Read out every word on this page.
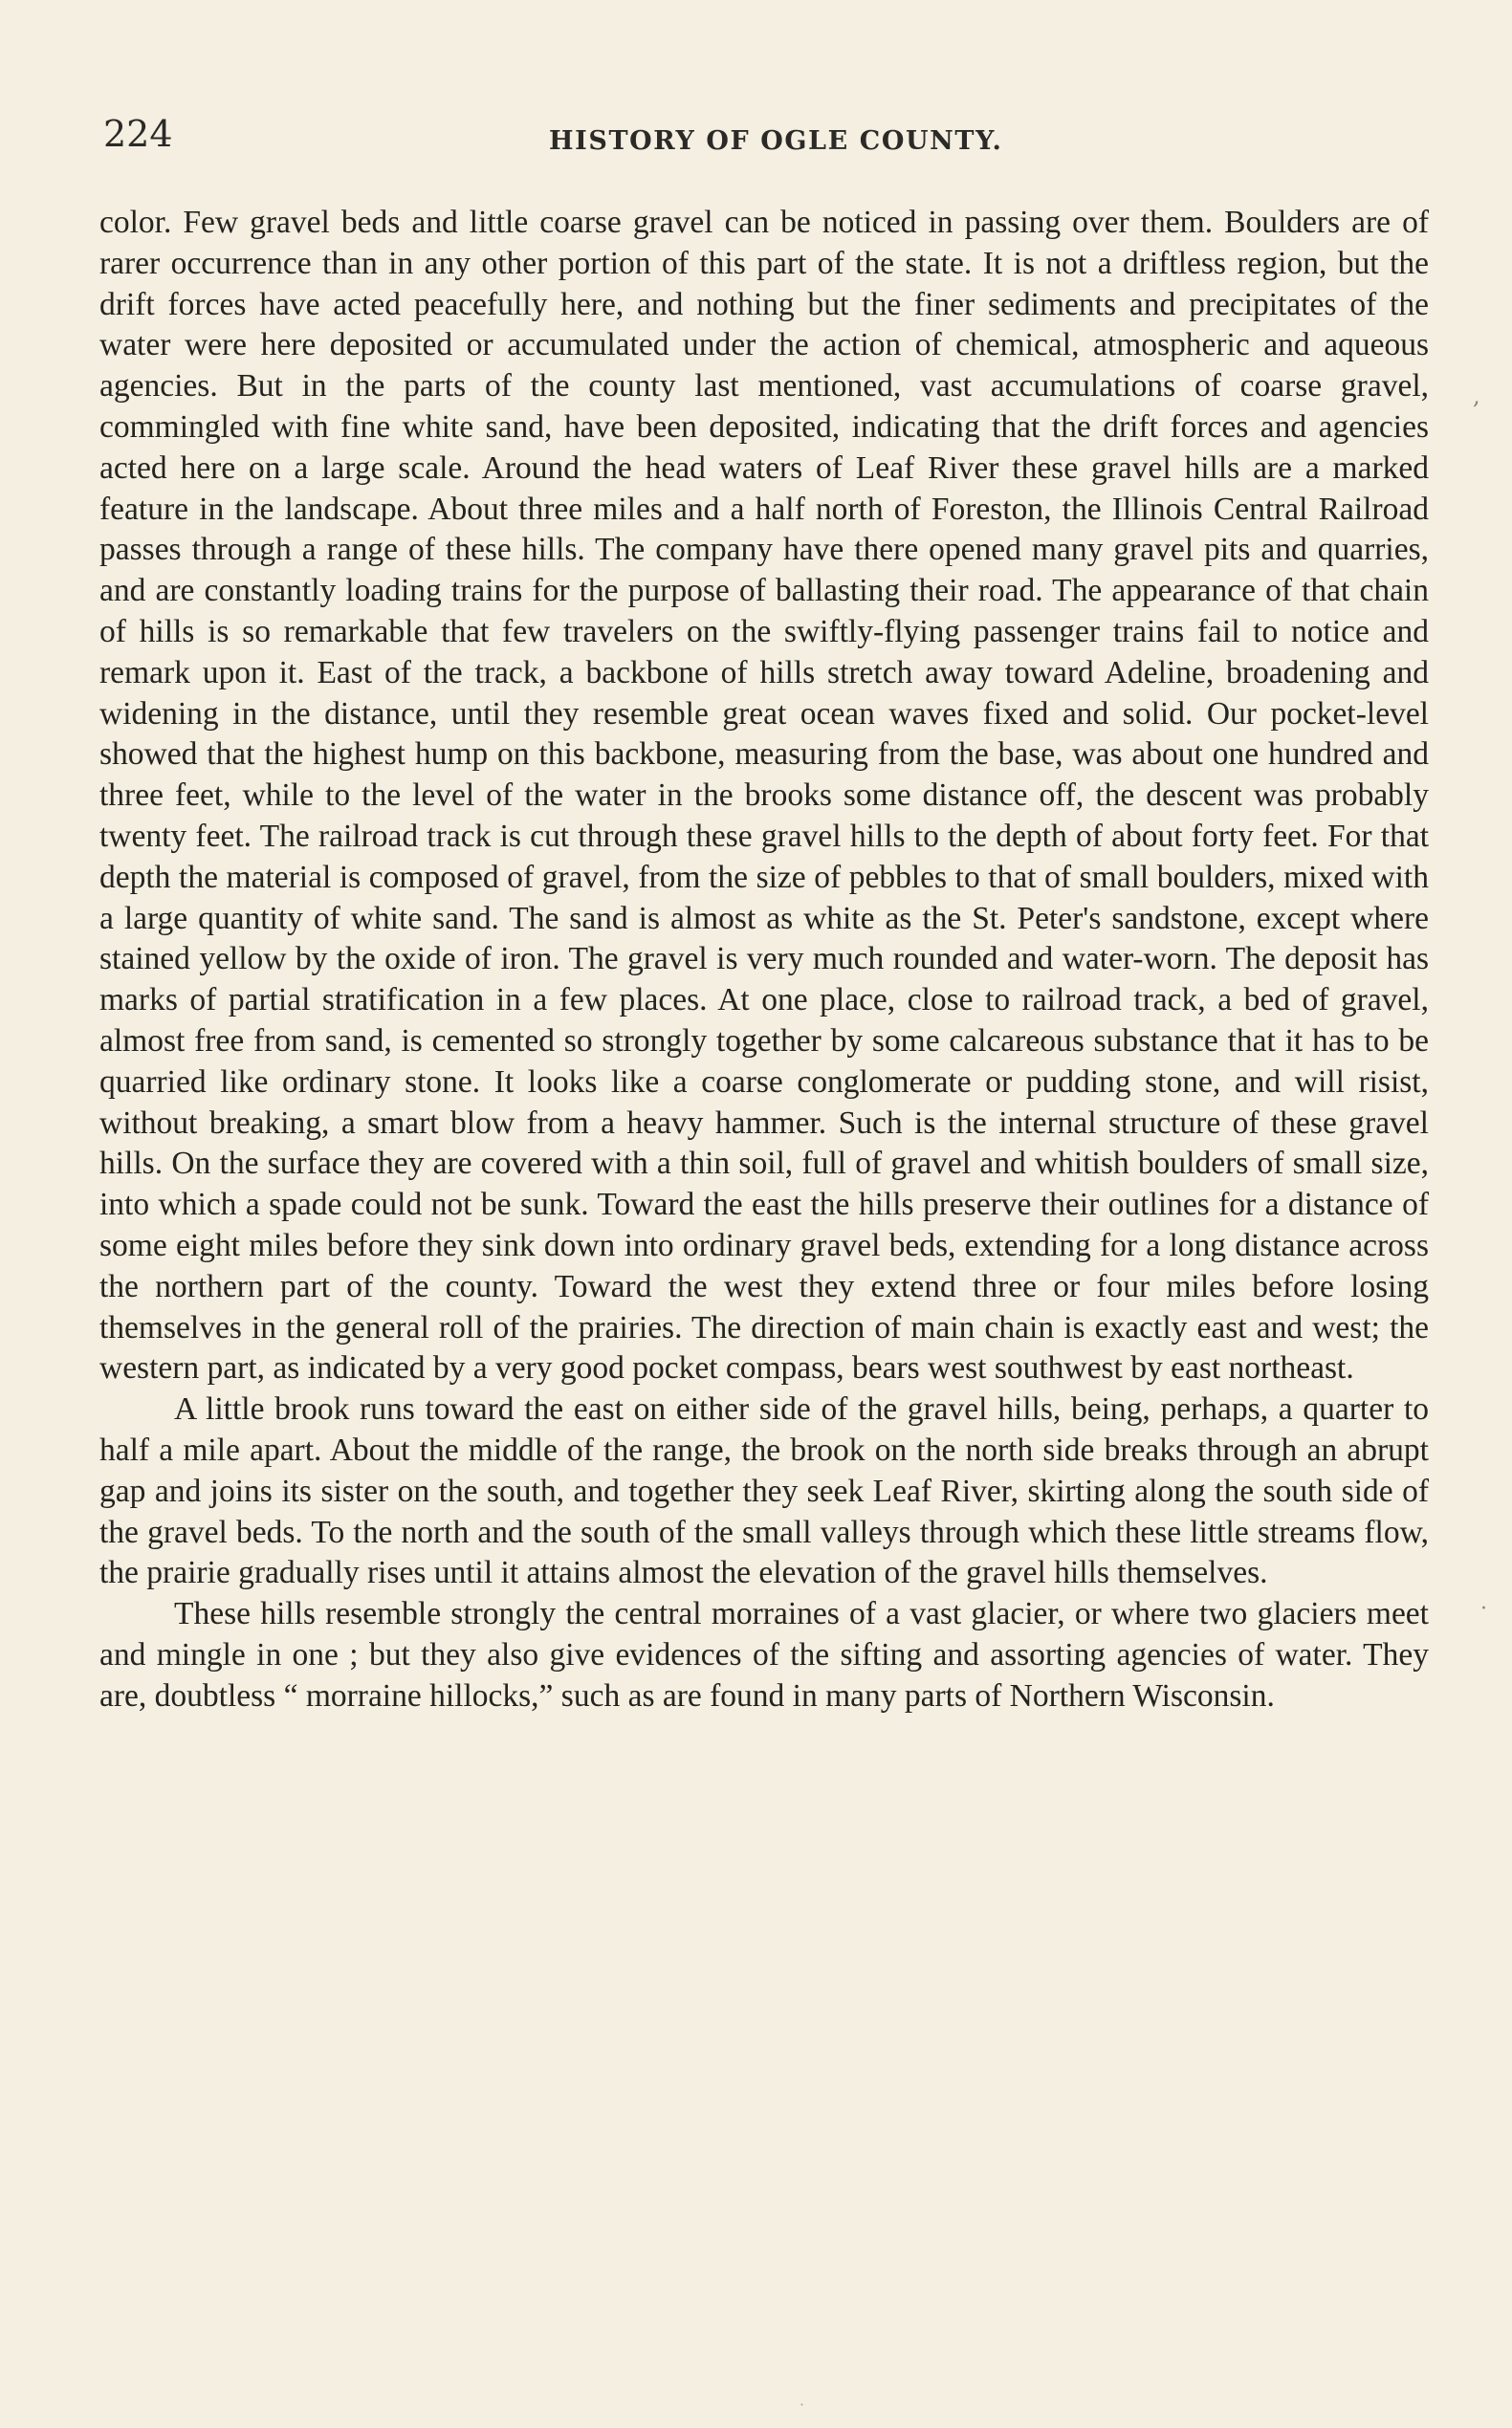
224	HISTORY OF OGLE COUNTY.

color. Few gravel beds and little coarse gravel can be noticed in passing over them. Boulders are of rarer occurrence than in any other portion of this part of the state. It is not a driftless region, but the drift forces have acted peacefully here, and nothing but the finer sediments and precipitates of the water were here deposited or accumulated under the action of chemical, atmospheric and aqueous agencies. But in the parts of the county last mentioned, vast accumulations of coarse gravel, commingled with fine white sand, have been deposited, indicating that the drift forces and agencies acted here on a large scale. Around the head waters of Leaf River these gravel hills are a marked feature in the landscape. About three miles and a half north of Foreston, the Illinois Central Railroad passes through a range of these hills. The company have there opened many gravel pits and quarries, and are constantly loading trains for the purpose of ballasting their road. The appearance of that chain of hills is so remarkable that few travelers on the swiftly-flying passenger trains fail to notice and remark upon it. East of the track, a backbone of hills stretch away toward Adeline, broadening and widening in the distance, until they resemble great ocean waves fixed and solid. Our pocket-level showed that the highest hump on this backbone, measuring from the base, was about one hundred and three feet, while to the level of the water in the brooks some distance off, the descent was probably twenty feet. The railroad track is cut through these gravel hills to the depth of about forty feet. For that depth the material is composed of gravel, from the size of pebbles to that of small boulders, mixed with a large quantity of white sand. The sand is almost as white as the St. Peter's sandstone, except where stained yellow by the oxide of iron. The gravel is very much rounded and water-worn. The deposit has marks of partial stratification in a few places. At one place, close to railroad track, a bed of gravel, almost free from sand, is cemented so strongly together by some calcareous substance that it has to be quarried like ordinary stone. It looks like a coarse conglomerate or pudding stone, and will risist, without breaking, a smart blow from a heavy hammer. Such is the internal structure of these gravel hills. On the surface they are covered with a thin soil, full of gravel and whitish boulders of small size, into which a spade could not be sunk. Toward the east the hills preserve their outlines for a distance of some eight miles before they sink down into ordinary gravel beds, extending for a long distance across the northern part of the county. Toward the west they extend three or four miles before losing themselves in the general roll of the prairies. The direction of main chain is exactly east and west; the western part, as indicated by a very good pocket compass, bears west southwest by east northeast.

A little brook runs toward the east on either side of the gravel hills, being, perhaps, a quarter to half a mile apart. About the middle of the range, the brook on the north side breaks through an abrupt gap and joins its sister on the south, and together they seek Leaf River, skirting along the south side of the gravel beds. To the north and the south of the small valleys through which these little streams flow, the prairie gradually rises until it attains almost the elevation of the gravel hills themselves.

These hills resemble strongly the central morraines of a vast glacier, or where two glaciers meet and mingle in one ; but they also give evidences of the sifting and assorting agencies of water. They are, doubtless “ morraine hillocks,” such as are found in many parts of Northern Wisconsin.

,
·
·
